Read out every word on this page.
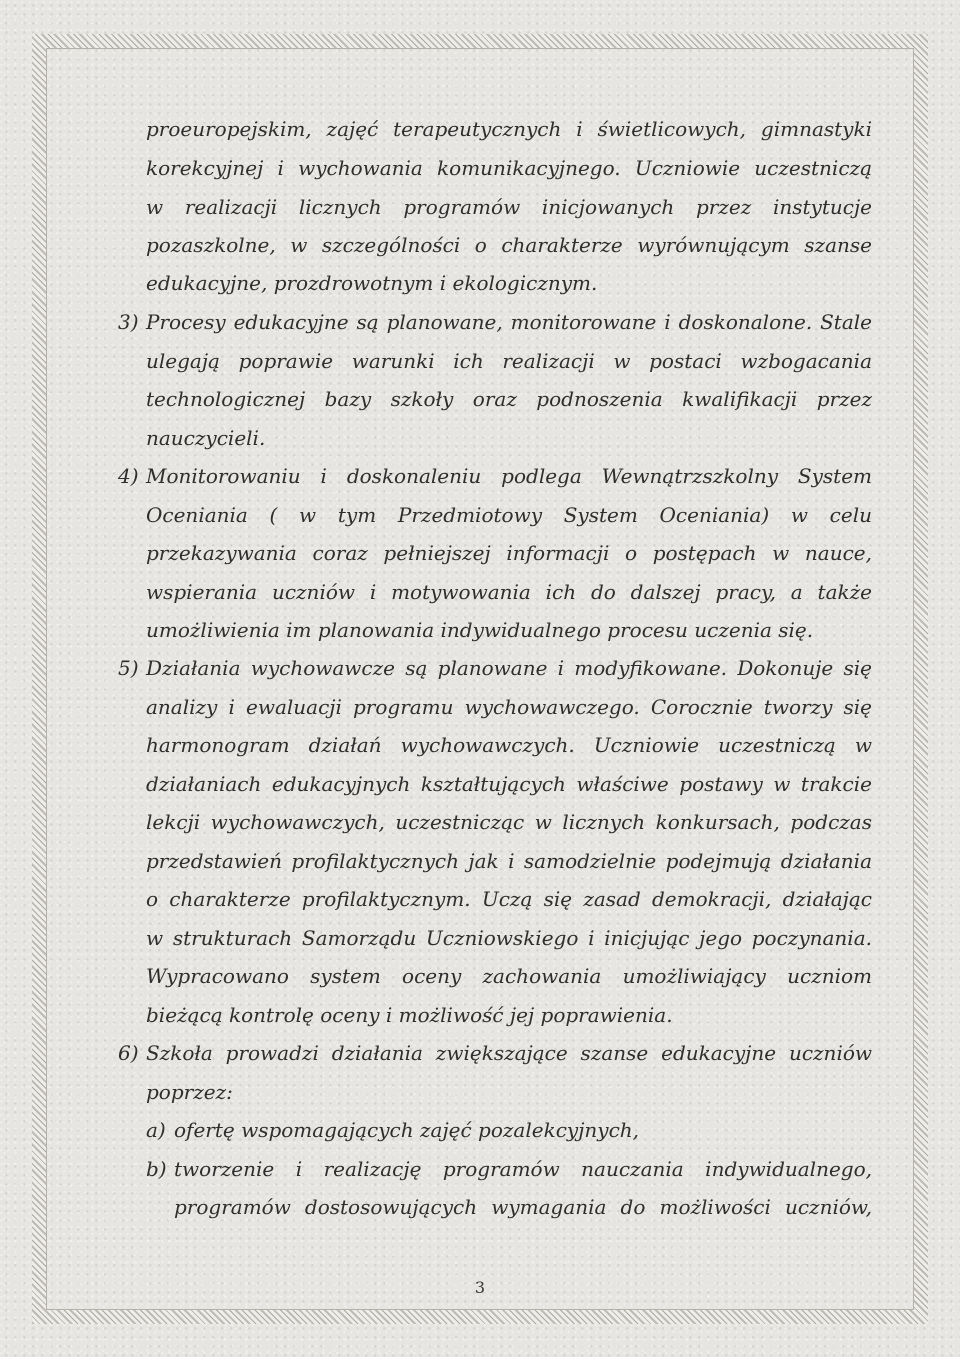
proeuropejskim, zajęć terapeutycznych i świetlicowych, gimnastyki
korekcyjnej i wychowania komunikacyjnego. Uczniowie uczestniczą
w realizacji licznych programów inicjowanych przez instytucje
pozaszkolne, w szczególności o charakterze wyrównującym szanse
edukacyjne, prozdrowotnym i ekologicznym.
3) Procesy edukacyjne są planowane, monitorowane i doskonalone. Stale
ulegają poprawie warunki ich realizacji w postaci wzbogacania
technologicznej bazy szkoły oraz podnoszenia kwalifikacji przez
nauczycieli.
4) Monitorowaniu i doskonaleniu podlega Wewnątrzszkolny System
Oceniania ( w tym Przedmiotowy System Oceniania) w celu
przekazywania coraz pełniejszej informacji o postępach w nauce,
wspierania uczniów i motywowania ich do dalszej pracy, a także
umożliwienia im planowania indywidualnego procesu uczenia się.
5) Działania wychowawcze są planowane i modyfikowane. Dokonuje się
analizy i ewaluacji programu wychowawczego. Corocznie tworzy się
harmonogram działań wychowawczych. Uczniowie uczestniczą w
działaniach edukacyjnych kształtujących właściwe postawy w trakcie
lekcji wychowawczych, uczestnicząc w licznych konkursach, podczas
przedstawień profilaktycznych jak i samodzielnie podejmują działania
o charakterze profilaktycznym. Uczą się zasad demokracji, działając
w strukturach Samorządu Uczniowskiego i inicjując jego poczynania.
Wypracowano system oceny zachowania umożliwiający uczniom
bieżącą kontrolę oceny i możliwość jej poprawienia.
6) Szkoła prowadzi działania zwiększające szanse edukacyjne uczniów
poprzez:
a) ofertę wspomagających zajęć pozalekcyjnych,
b) tworzenie i realizację programów nauczania indywidualnego,
programów dostosowujących wymagania do możliwości uczniów,
3
